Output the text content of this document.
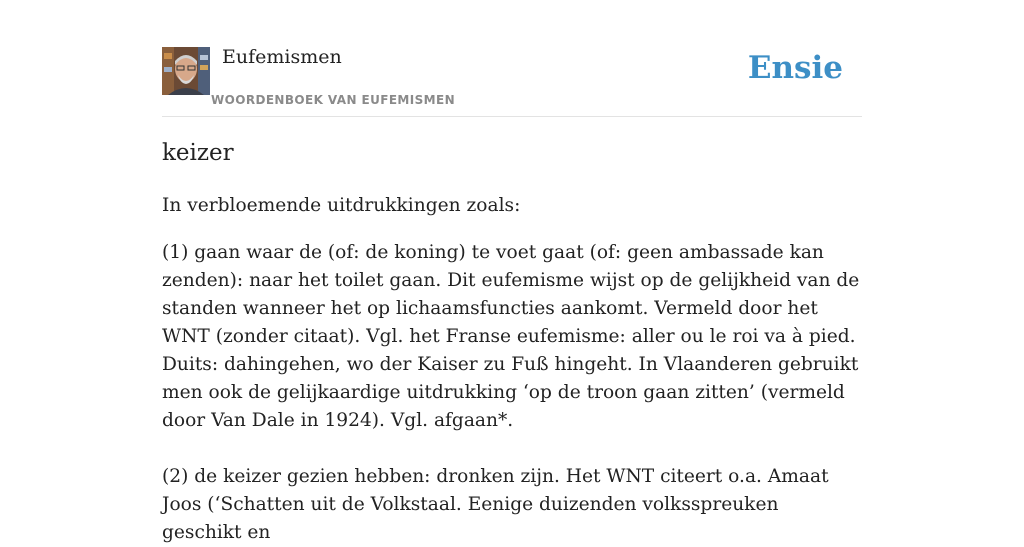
Eufemismen
WOORDENBOEK VAN EUFEMISMEN
Ensie
keizer

In verbloemende uitdrukkingen zoals:

(1) gaan waar de (of: de koning) te voet gaat (of: geen ambassade kan zenden): naar het toilet gaan. Dit eufemisme wijst op de gelijkheid van de standen wanneer het op lichaamsfuncties aankomt. Vermeld door het WNT (zonder citaat). Vgl. het Franse eufemisme: aller ou le roi va à pied. Duits: dahingehen, wo der Kaiser zu Fuß hingeht. In Vlaanderen gebruikt men ook de gelijkaardige uitdrukking ‘op de troon gaan zitten’ (vermeld door Van Dale in 1924). Vgl. afgaan*.

(2) de keizer gezien hebben: dronken zijn. Het WNT citeert o.a. Amaat Joos (‘Schatten uit de Volkstaal. Eenige duizenden volksspreuken geschikt en
